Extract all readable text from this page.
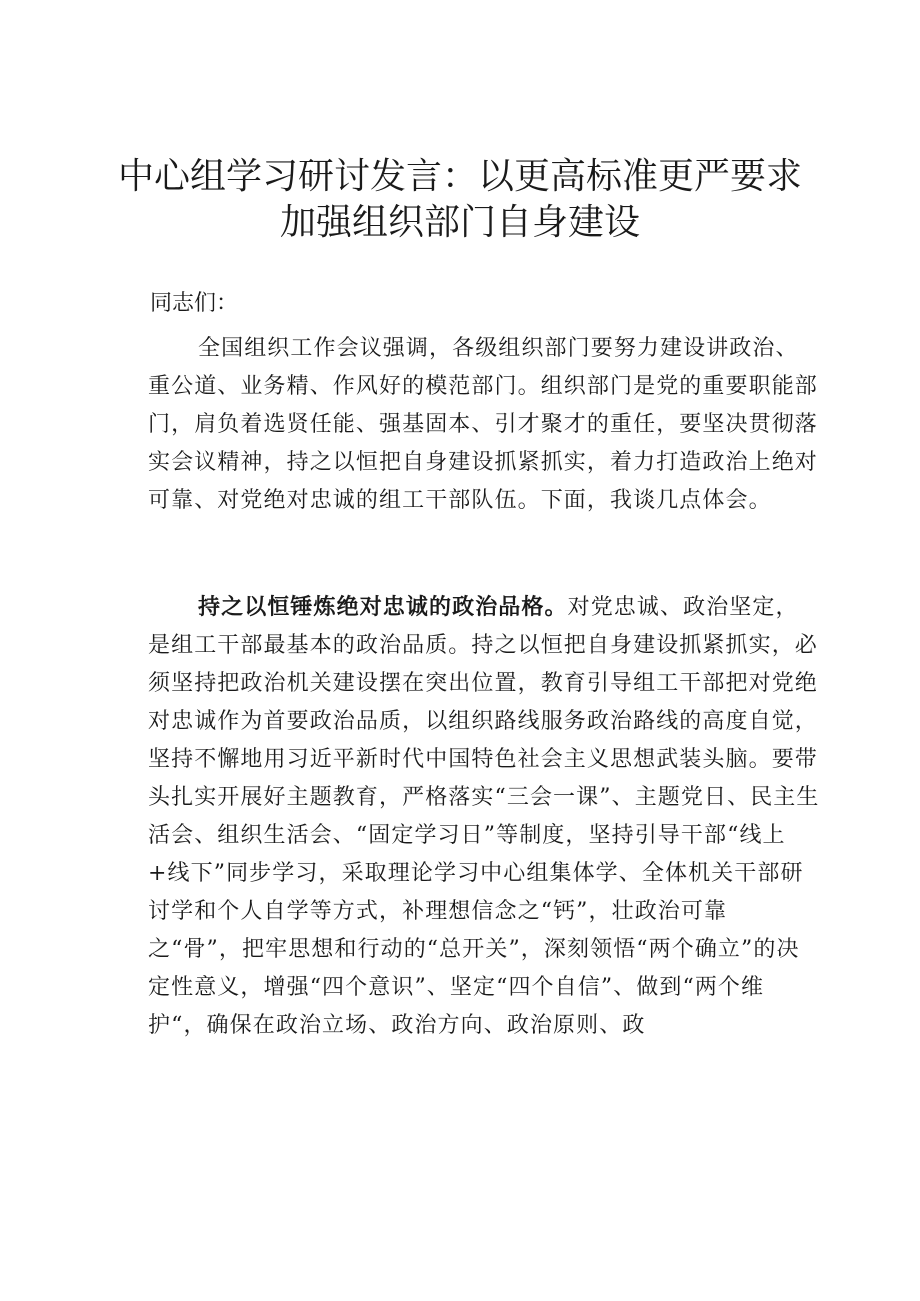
中心组学习研讨发言：以更高标准更严要求
加强组织部门自身建设
同志们：
全国组织工作会议强调，各级组织部门要努力建设讲政治、重公道、业务精、作风好的模范部门。组织部门是党的重要职能部门，肩负着选贤任能、强基固本、引才聚才的重任，要坚决贯彻落实会议精神，持之以恒把自身建设抓紧抓实，着力打造政治上绝对可靠、对党绝对忠诚的组工干部队伍。下面，我谈几点体会。
持之以恒锤炼绝对忠诚的政治品格。对党忠诚、政治坚定，是组工干部最基本的政治品质。持之以恒把自身建设抓紧抓实，必须坚持把政治机关建设摆在突出位置，教育引导组工干部把对党绝对忠诚作为首要政治品质，以组织路线服务政治路线的高度自觉，坚持不懈地用习近平新时代中国特色社会主义思想武装头脑。要带头扎实开展好主题教育，严格落实“三会一课”、主题党日、民主生活会、组织生活会、“固定学习日”等制度，坚持引导干部“线上+线下”同步学习，采取理论学习中心组集体学、全体机关干部研讨学和个人自学等方式，补理想信念之“钙”，壮政治可靠之“骨”，把牢思想和行动的“总开关”，深刻领悟“两个确立”的决定性意义，增强“四个意识”、坚定“四个自信”、做到“两个维护“，确保在政治立场、政治方向、政治原则、政
